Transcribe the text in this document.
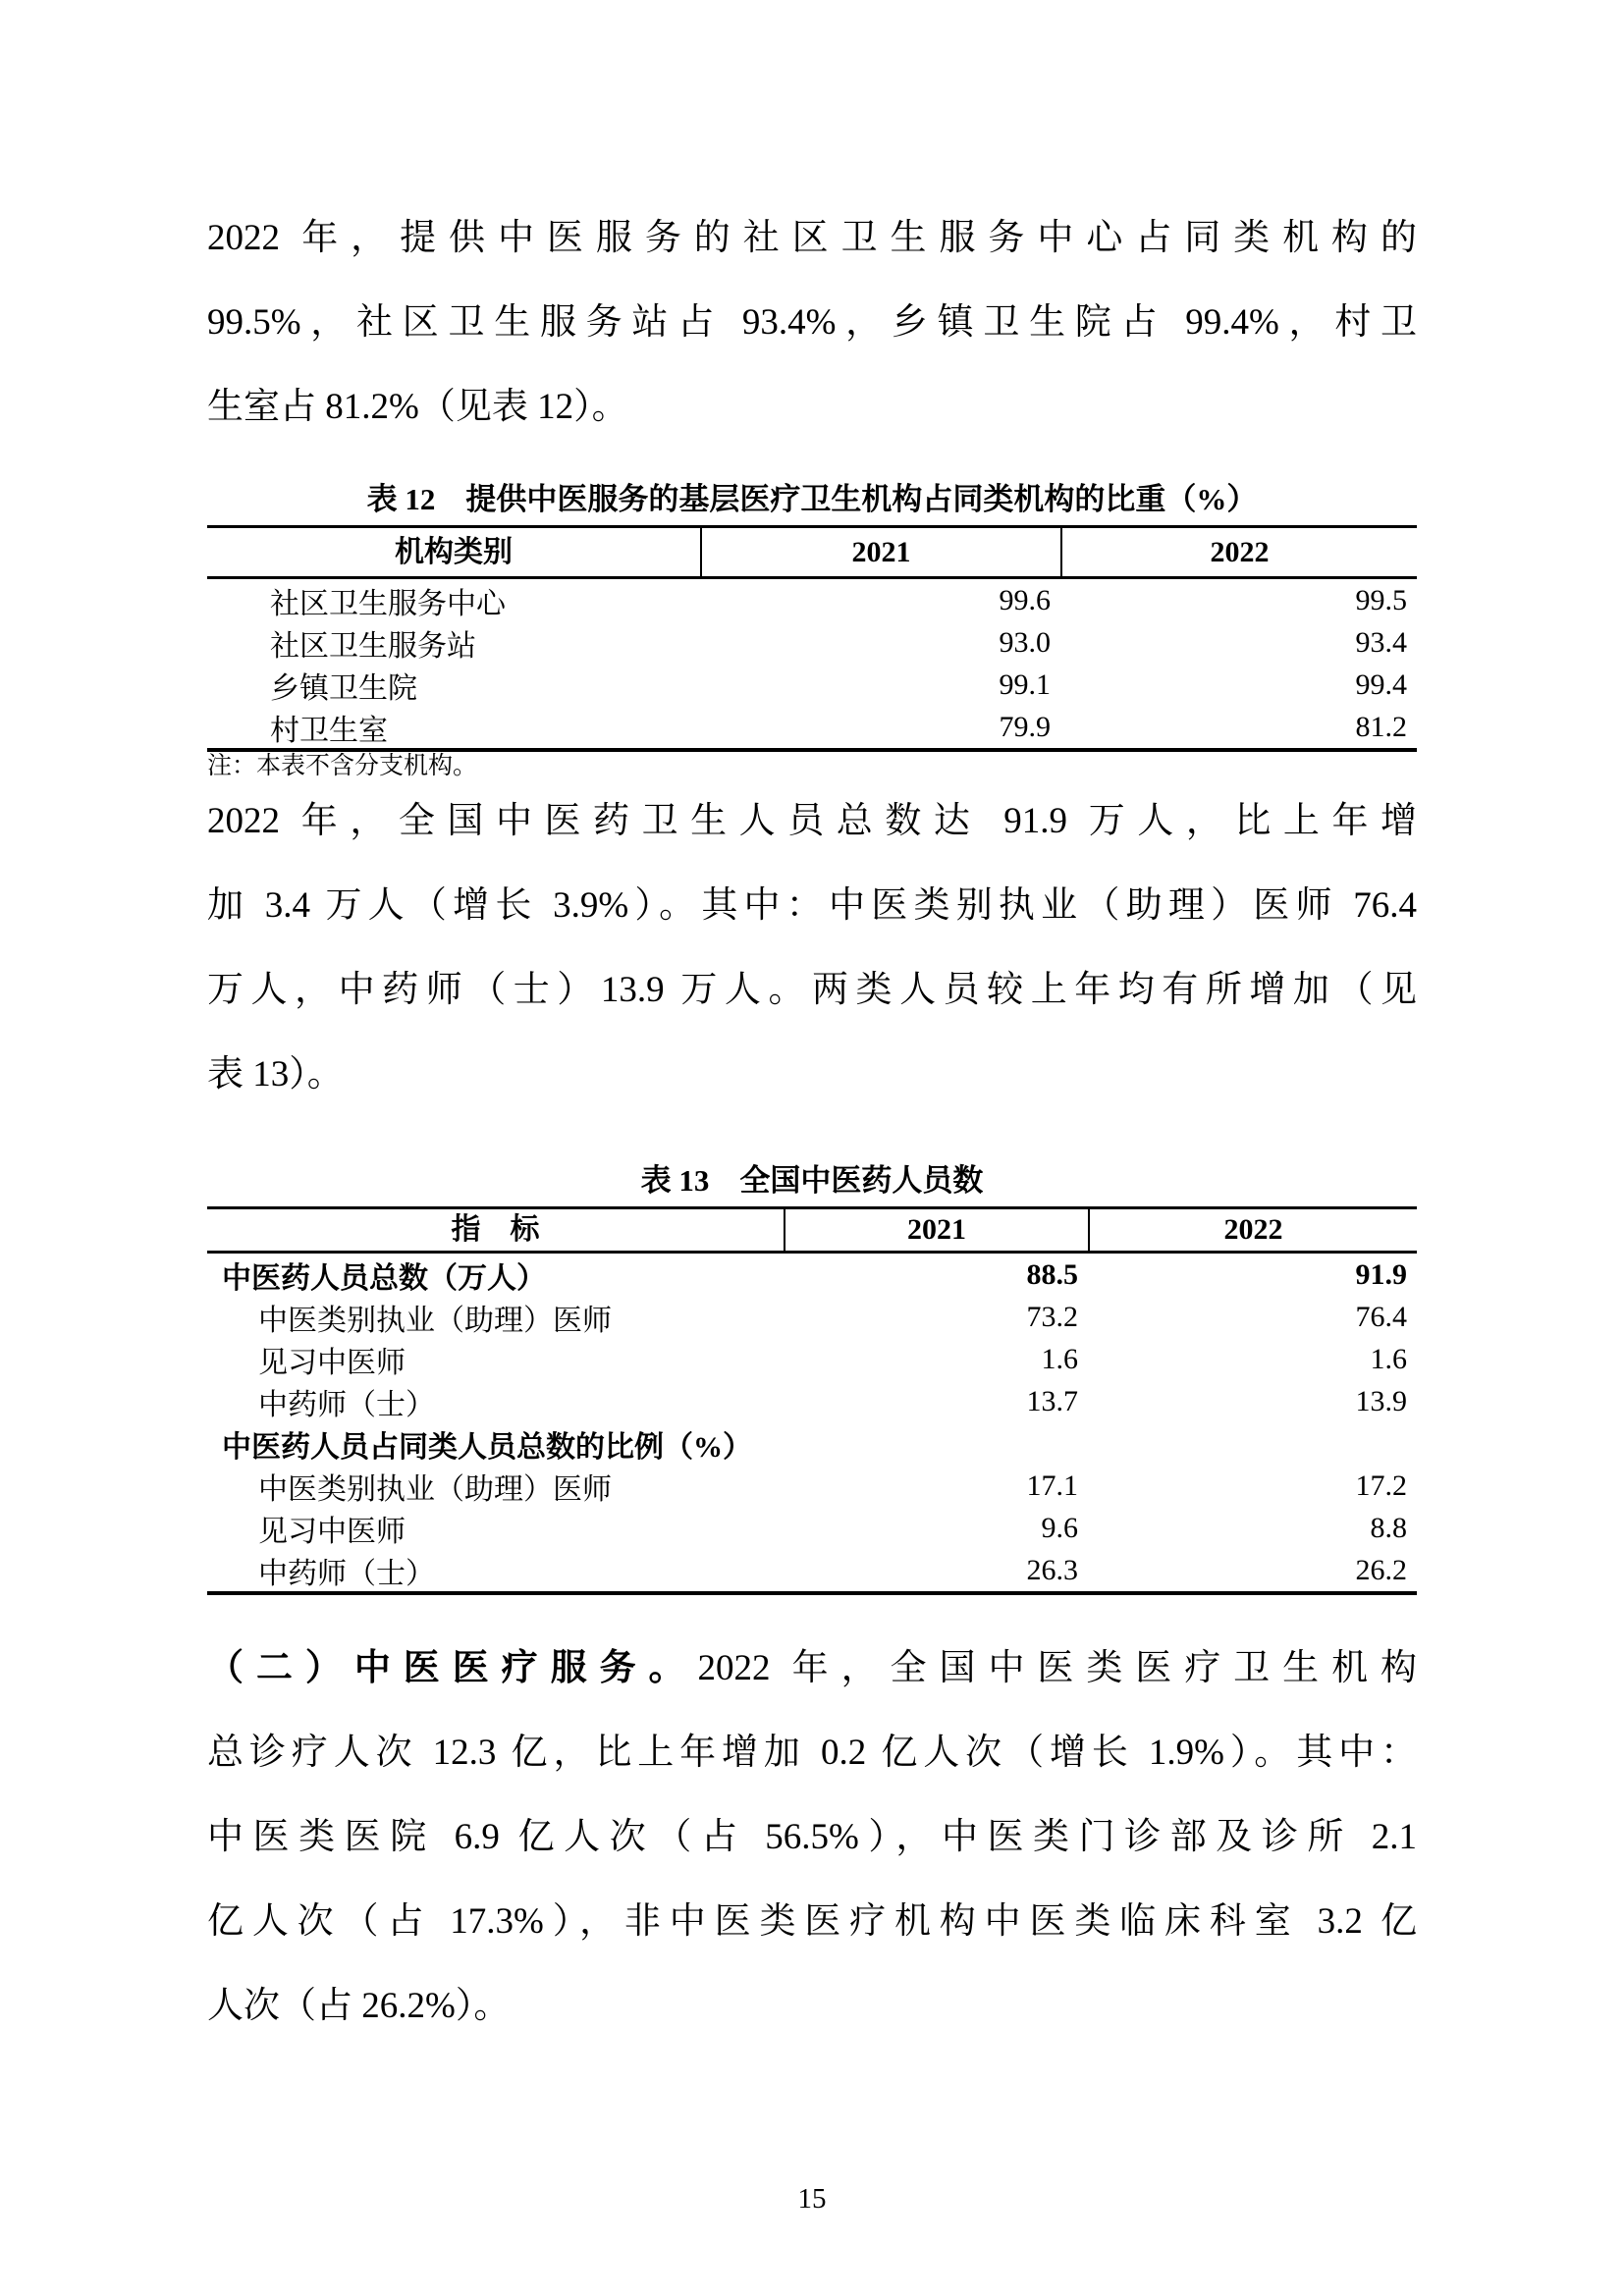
2022 年，提供中医服务的社区卫生服务中心占同类机构的
99.5%，社区卫生服务站占 93.4%，乡镇卫生院占 99.4%，村卫
生室占 81.2%（见表 12）。
表 12　提供中医服务的基层医疗卫生机构占同类机构的比重（%）
机构类别	2021	2022
社区卫生服务中心	99.6	99.5
社区卫生服务站	93.0	93.4
乡镇卫生院	99.1	99.4
村卫生室	79.9	81.2
注：本表不含分支机构。
2022 年，全国中医药卫生人员总数达 91.9 万人，比上年增
加 3.4 万人（增长 3.9%）。其中：中医类别执业（助理）医师 76.4
万人，中药师（士）13.9 万人。两类人员较上年均有所增加（见
表 13）。
表 13　全国中医药人员数
指　标	2021	2022
中医药人员总数（万人）	88.5	91.9
中医类别执业（助理）医师	73.2	76.4
见习中医师	1.6	1.6
中药师（士）	13.7	13.9
中医药人员占同类人员总数的比例（%）
中医类别执业（助理）医师	17.1	17.2
见习中医师	9.6	8.8
中药师（士）	26.3	26.2
（二）中医医疗服务。2022 年，全国中医类医疗卫生机构
总诊疗人次 12.3 亿，比上年增加 0.2 亿人次（增长 1.9%）。其中：
中医类医院 6.9 亿人次（占 56.5%），中医类门诊部及诊所 2.1
亿人次（占 17.3%），非中医类医疗机构中医类临床科室 3.2 亿
人次（占 26.2%）。
15
